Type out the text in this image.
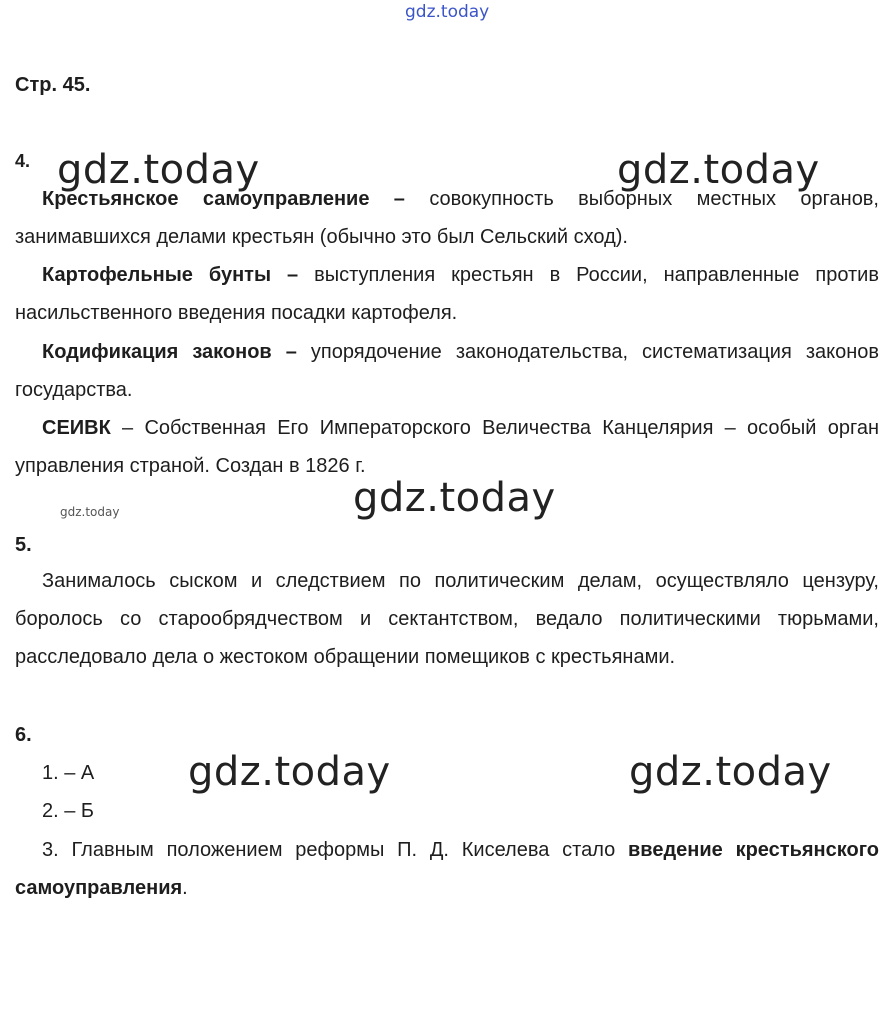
gdz.today
Стр. 45.
4. gdz.today	gdz.today

Крестьянское самоуправление – совокупность выборных местных органов, занимавшихся делами крестьян (обычно это был Сельский сход).

Картофельные бунты – выступления крестьян в России, направленные против насильственного введения посадки картофеля.

Кодификация законов – упорядочение законодательства, систематизация законов государства.

СЕИВК – Собственная Его Императорского Величества Канцелярия – особый орган управления страной. Создан в 1826 г.

gdz.today
gdz.today
5.

Занималось сыском и следствием по политическим делам, осуществляло цензуру, боролось со старообрядчеством и сектантством, ведало политическими тюрьмами, расследовало дела о жестоком обращении помещиков с крестьянами.

6.
1. – А gdz.today	gdz.today
2. – Б

3. Главным положением реформы П. Д. Киселева стало введение крестьянского самоуправления.
